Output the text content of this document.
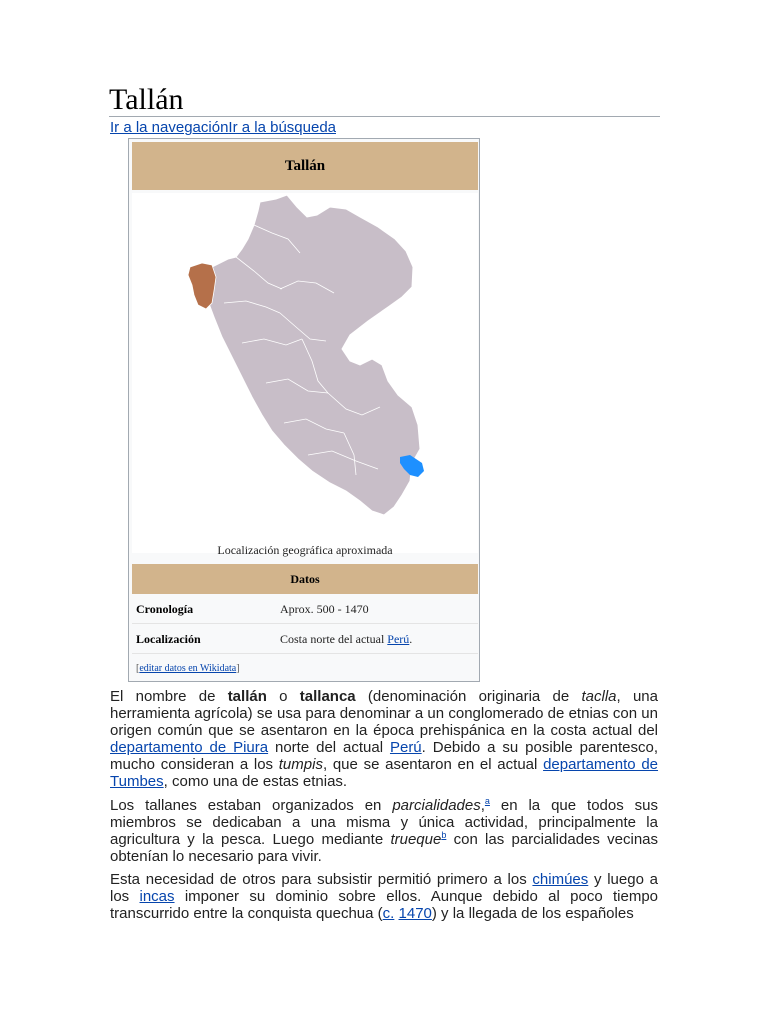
Tallán
Ir a la navegaciónIr a la búsqueda
Tallán
Localización geográfica aproximada
Datos
Cronología	Aprox. 500 - 1470
Localización	Costa norte del actual Perú.
[editar datos en Wikidata]

El nombre de tallán o tallanca (denominación originaria de taclla, una herramienta agrícola) se usa para denominar a un conglomerado de etnias con un origen común que se asentaron en la época prehispánica en la costa actual del departamento de Piura norte del actual Perú. Debido a su posible parentesco, mucho consideran a los tumpis, que se asentaron en el actual departamento de Tumbes, como una de estas etnias.

Los tallanes estaban organizados en parcialidades,$^a$ en la que todos sus miembros se dedicaban a una misma y única actividad, principalmente la agricultura y la pesca. Luego mediante trueque$^b$ con las parcialidades vecinas obtenían lo necesario para vivir.

Esta necesidad de otros para subsistir permitió primero a los chimúes y luego a los incas imponer su dominio sobre ellos. Aunque debido al poco tiempo transcurrido entre la conquista quechua (c. 1470) y la llegada de los españoles
